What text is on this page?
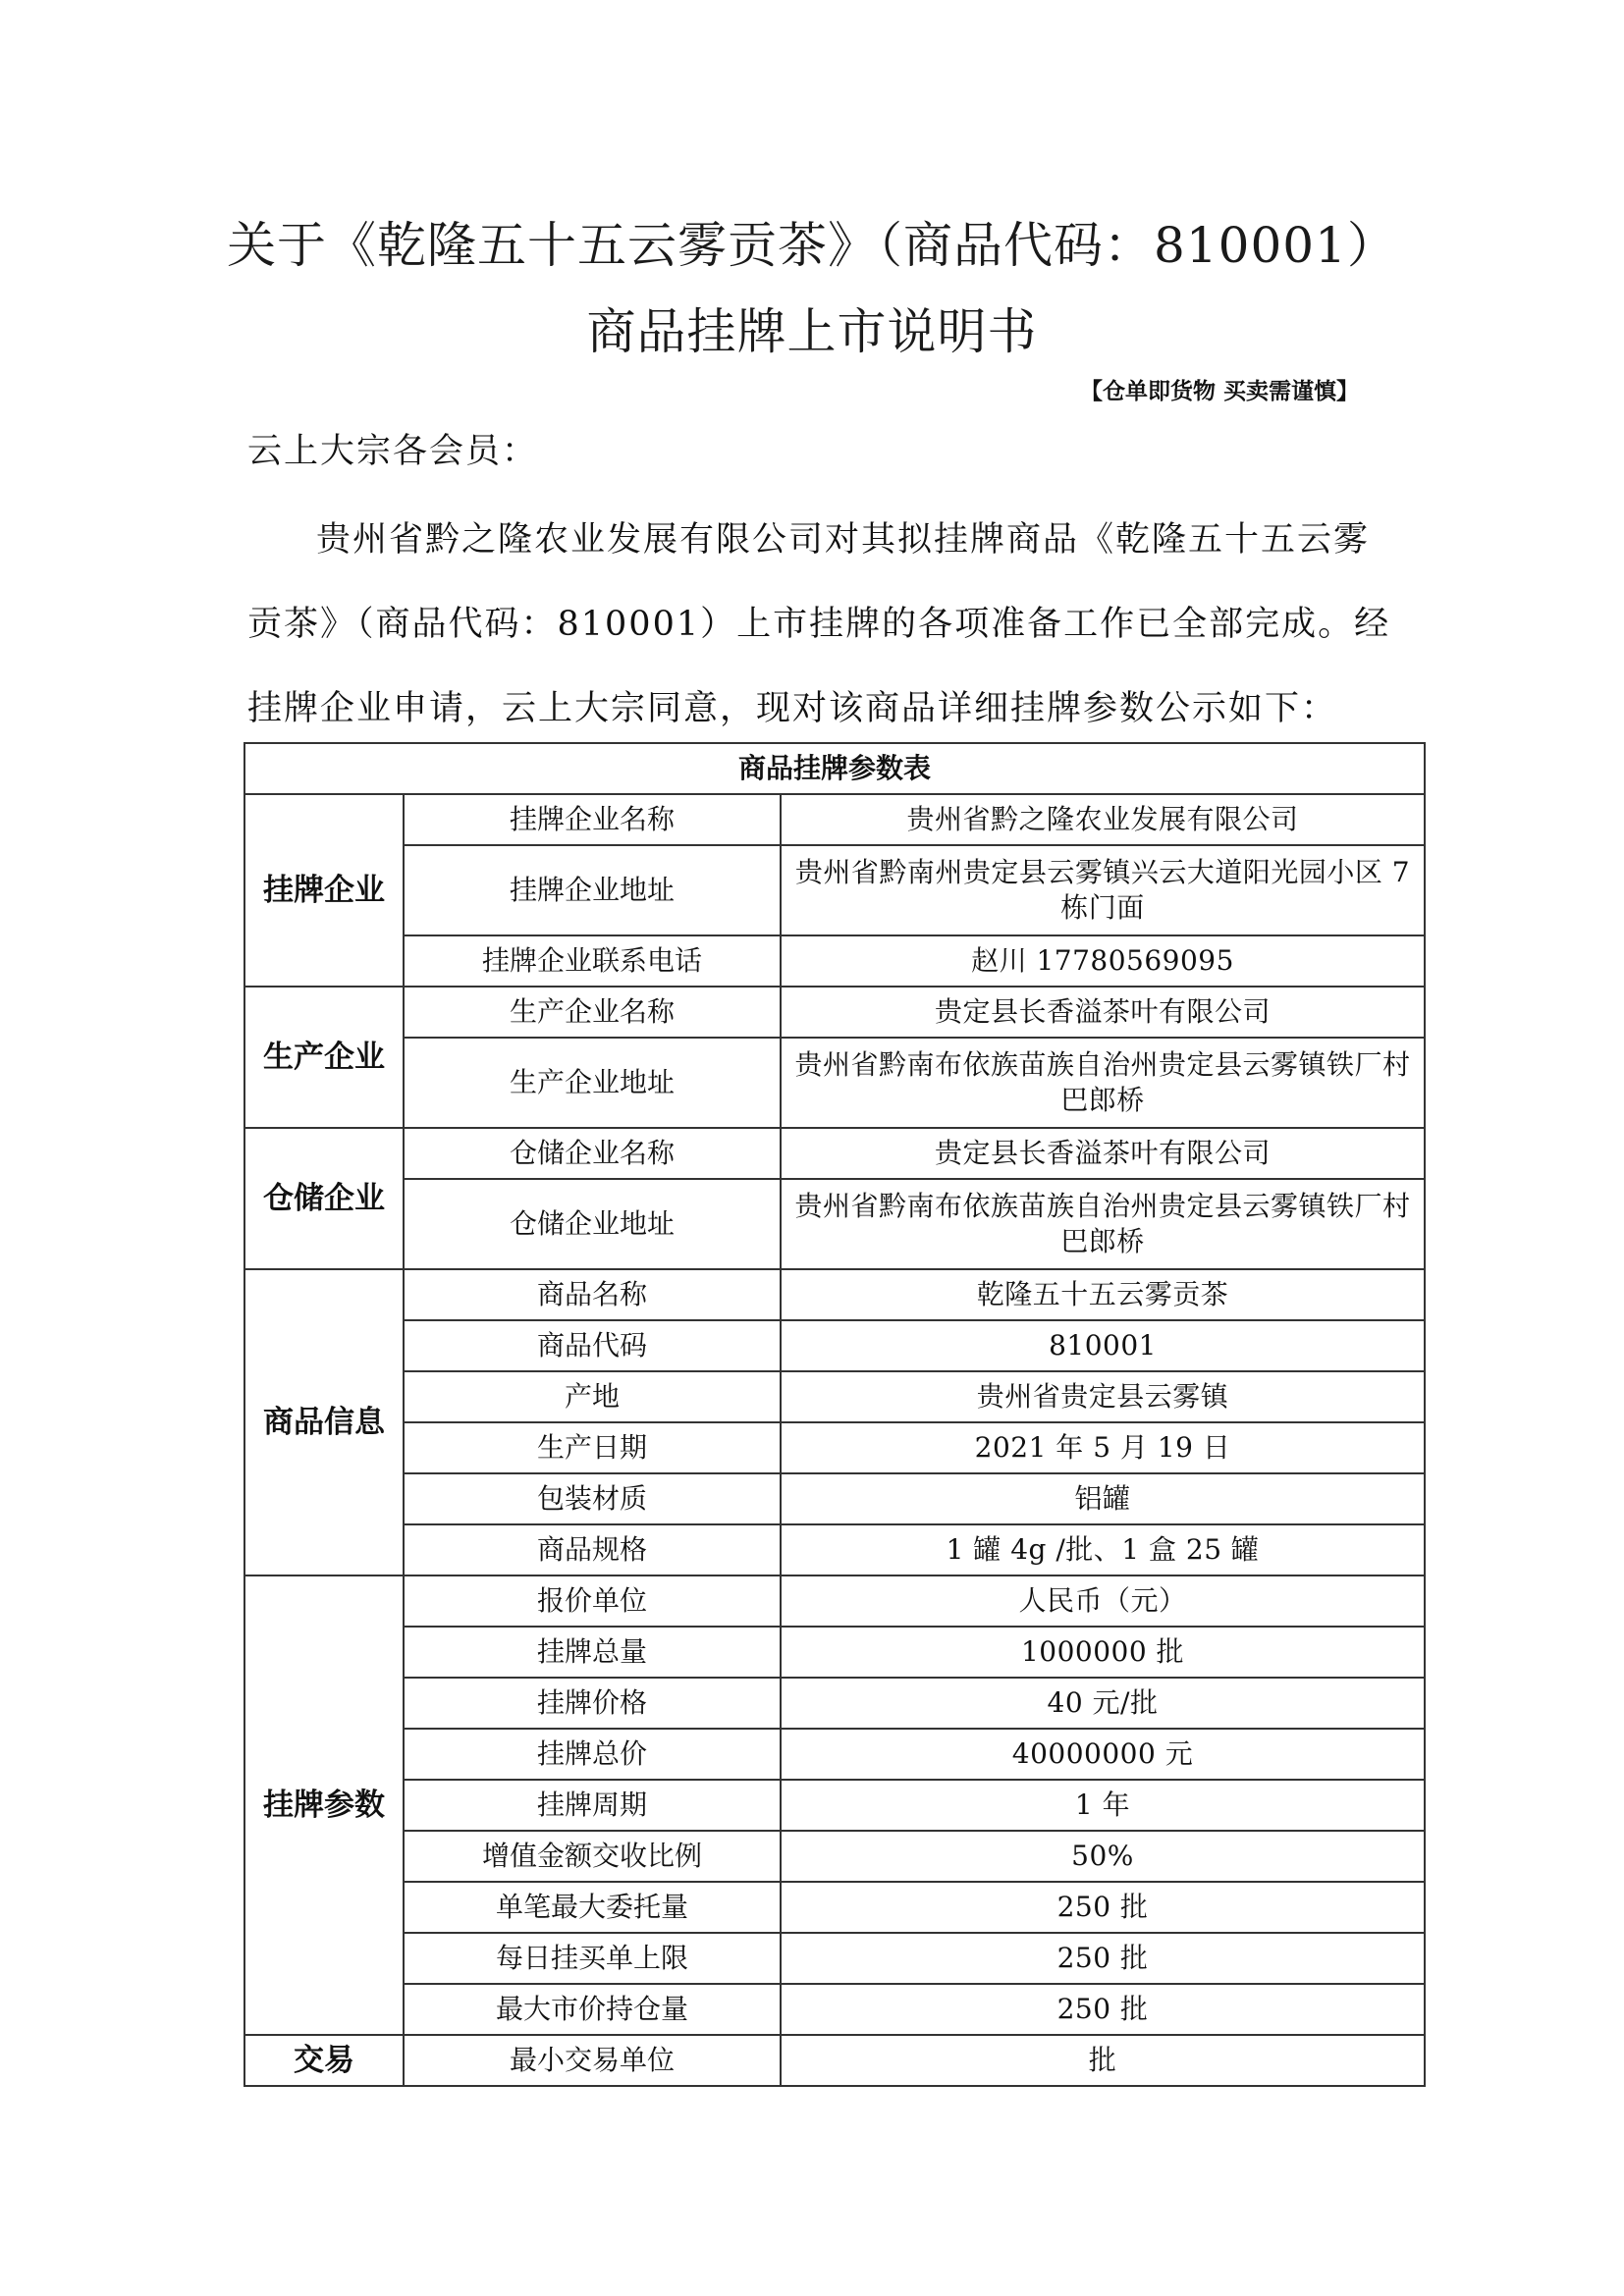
关于《乾隆五十五云雾贡茶》（商品代码：810001）
商品挂牌上市说明书
【仓单即货物 买卖需谨慎】
云上大宗各会员：
贵州省黔之隆农业发展有限公司对其拟挂牌商品《乾隆五十五云雾
贡茶》（商品代码：810001）上市挂牌的各项准备工作已全部完成。经
挂牌企业申请，云上大宗同意，现对该商品详细挂牌参数公示如下：
商品挂牌参数表		
挂牌企业	挂牌企业名称	贵州省黔之隆农业发展有限公司
	挂牌企业地址	贵州省黔南州贵定县云雾镇兴云大道阳光园小区 7 栋门面
	挂牌企业联系电话	赵川 17780569095
生产企业	生产企业名称	贵定县长香溢茶叶有限公司
	生产企业地址	贵州省黔南布依族苗族自治州贵定县云雾镇铁厂村巴郎桥
仓储企业	仓储企业名称	贵定县长香溢茶叶有限公司
	仓储企业地址	贵州省黔南布依族苗族自治州贵定县云雾镇铁厂村巴郎桥
商品信息	商品名称	乾隆五十五云雾贡茶
	商品代码	810001
	产地	贵州省贵定县云雾镇
	生产日期	2021 年 5 月 19 日
	包装材质	铝罐
	商品规格	1 罐 4g /批、1 盒 25 罐
挂牌参数	报价单位	人民币（元）
	挂牌总量	1000000 批
	挂牌价格	40 元/批
	挂牌总价	40000000 元
	挂牌周期	1 年
	增值金额交收比例	50%
	单笔最大委托量	250 批
	每日挂买单上限	250 批
	最大市价持仓量	250 批
交易	最小交易单位	批
